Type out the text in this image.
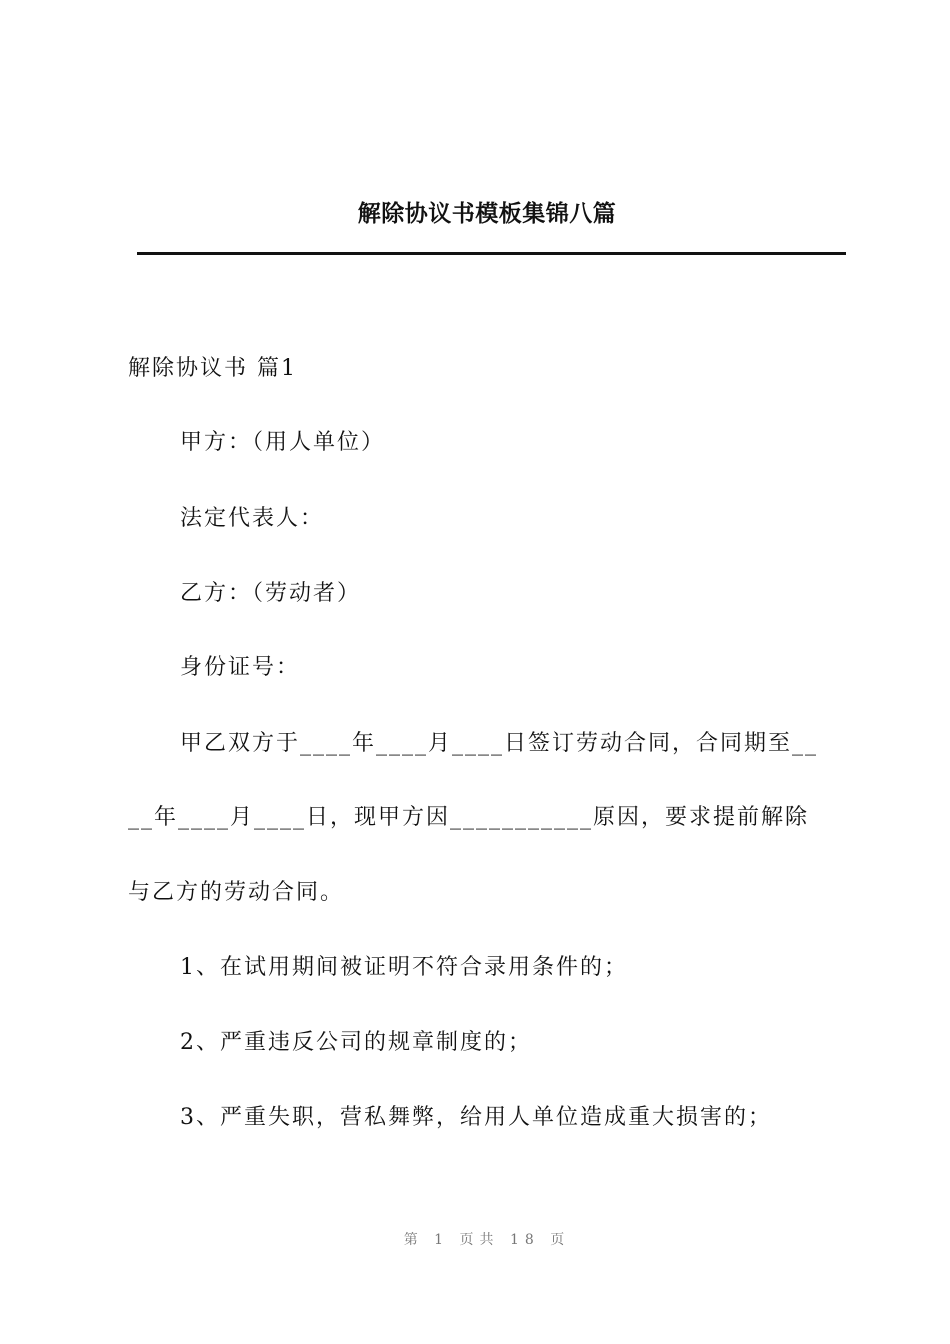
解除协议书模板集锦八篇
解除协议书 篇1
甲方：（用人单位）
法定代表人：
乙方：（劳动者）
身份证号：
甲乙双方于____年____月____日签订劳动合同，合同期至__
__年____月____日，现甲方因___________原因，要求提前解除
与乙方的劳动合同。
1、在试用期间被证明不符合录用条件的；
2、严重违反公司的规章制度的；
3、严重失职，营私舞弊，给用人单位造成重大损害的；
第 1 页共 18 页
